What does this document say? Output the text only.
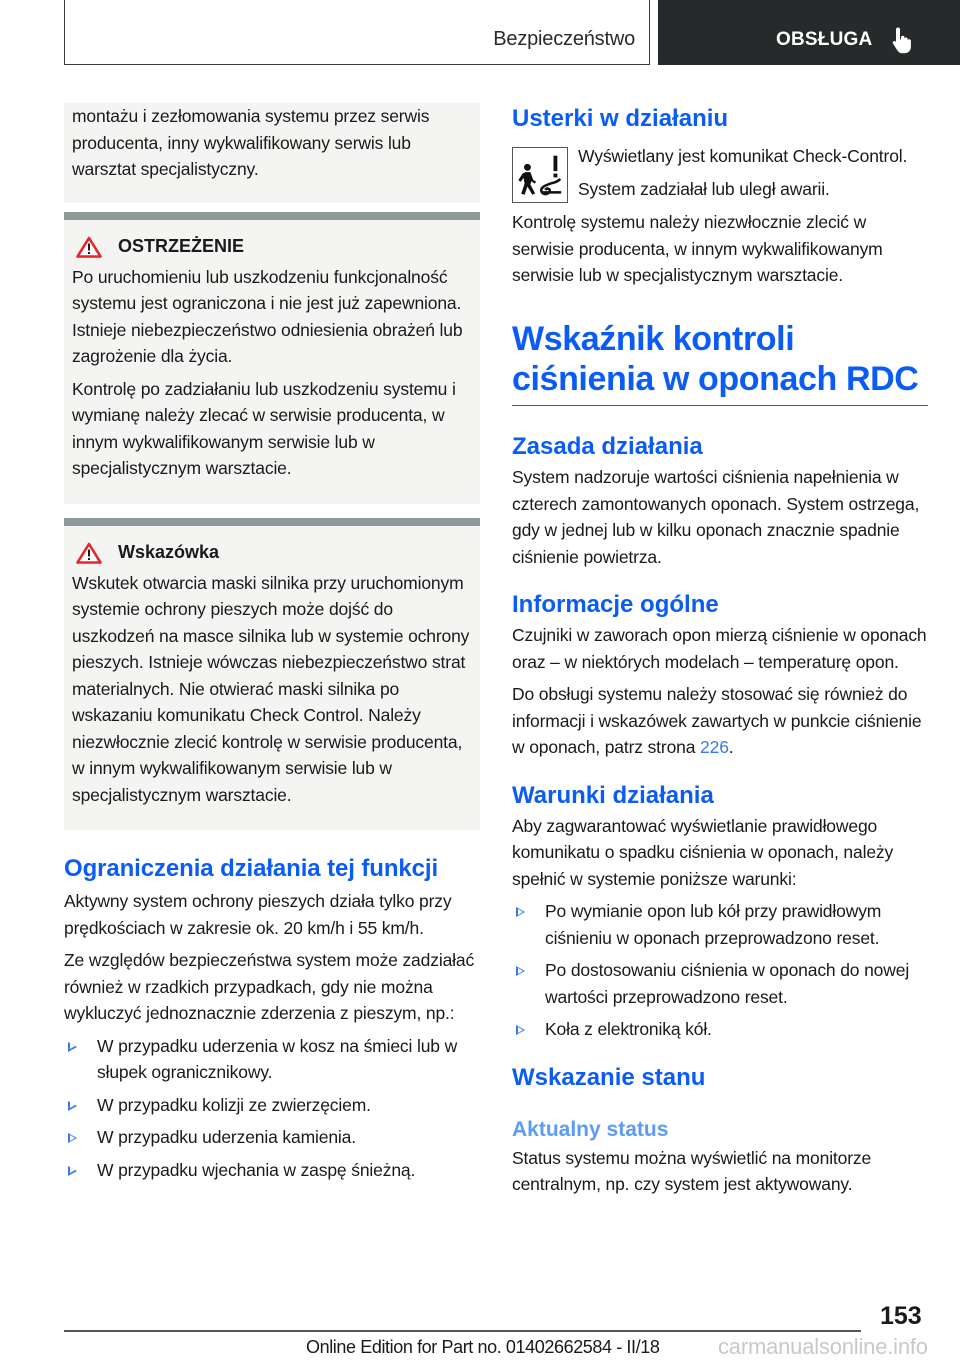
Bezpieczeństwo	OBSŁUGA

montażu i zezłomowania systemu przez serwis producenta, inny wykwalifikowany serwis lub warsztat specjalistyczny.

OSTRZEŻENIE

Po uruchomieniu lub uszkodzeniu funkcjonalność systemu jest ograniczona i nie jest już zapewniona. Istnieje niebezpieczeństwo odniesienia obrażeń lub zagrożenie dla życia.

Kontrolę po zadziałaniu lub uszkodzeniu systemu i wymianę należy zlecać w serwisie producenta, w innym wykwalifikowanym serwisie lub w specjalistycznym warsztacie.

Wskazówka

Wskutek otwarcia maski silnika przy uruchomionym systemie ochrony pieszych może dojść do uszkodzeń na masce silnika lub w systemie ochrony pieszych. Istnieje wówczas niebezpieczeństwo strat materialnych. Nie otwierać maski silnika po wskazaniu komunikatu Check Control. Należy niezwłocznie zlecić kontrolę w serwisie producenta, w innym wykwalifikowanym serwisie lub w specjalistycznym warsztacie.

Ograniczenia działania tej funkcji

Aktywny system ochrony pieszych działa tylko przy prędkościach w zakresie ok. 20 km/h i 55 km/h.

Ze względów bezpieczeństwa system może zadziałać również w rzadkich przypadkach, gdy nie można wykluczyć jednoznacznie zderzenia z pieszym, np.:

W przypadku uderzenia w kosz na śmieci lub w słupek ogranicznikowy.
W przypadku kolizji ze zwierzęciem.
W przypadku uderzenia kamienia.
W przypadku wjechania w zaspę śnieżną.
Usterki w działaniu

Wyświetlany jest komunikat Check-Control.

System zadziałał lub uległ awarii.

Kontrolę systemu należy niezwłocznie zlecić w serwisie producenta, w innym wykwalifikowanym serwisie lub w specjalistycznym warsztacie.

Wskaźnik kontroli ciśnienia w oponach RDC
Zasada działania

System nadzoruje wartości ciśnienia napełnienia w czterech zamontowanych oponach. System ostrzega, gdy w jednej lub w kilku oponach znacznie spadnie ciśnienie powietrza.

Informacje ogólne

Czujniki w zaworach opon mierzą ciśnienie w oponach oraz – w niektórych modelach – temperaturę opon.

Do obsługi systemu należy stosować się również do informacji i wskazówek zawartych w punkcie ciśnienie w oponach, patrz strona 226.

Warunki działania

Aby zagwarantować wyświetlanie prawidłowego komunikatu o spadku ciśnienia w oponach, należy spełnić w systemie poniższe warunki:

Po wymianie opon lub kół przy prawidłowym ciśnieniu w oponach przeprowadzono reset.
Po dostosowaniu ciśnienia w oponach do nowej wartości przeprowadzono reset.
Koła z elektroniką kół.
Wskazanie stanu
Aktualny status

Status systemu można wyświetlić na monitorze centralnym, np. czy system jest aktywowany.

153
Online Edition for Part no. 01402662584 - II/18	carmanualsonline.info
